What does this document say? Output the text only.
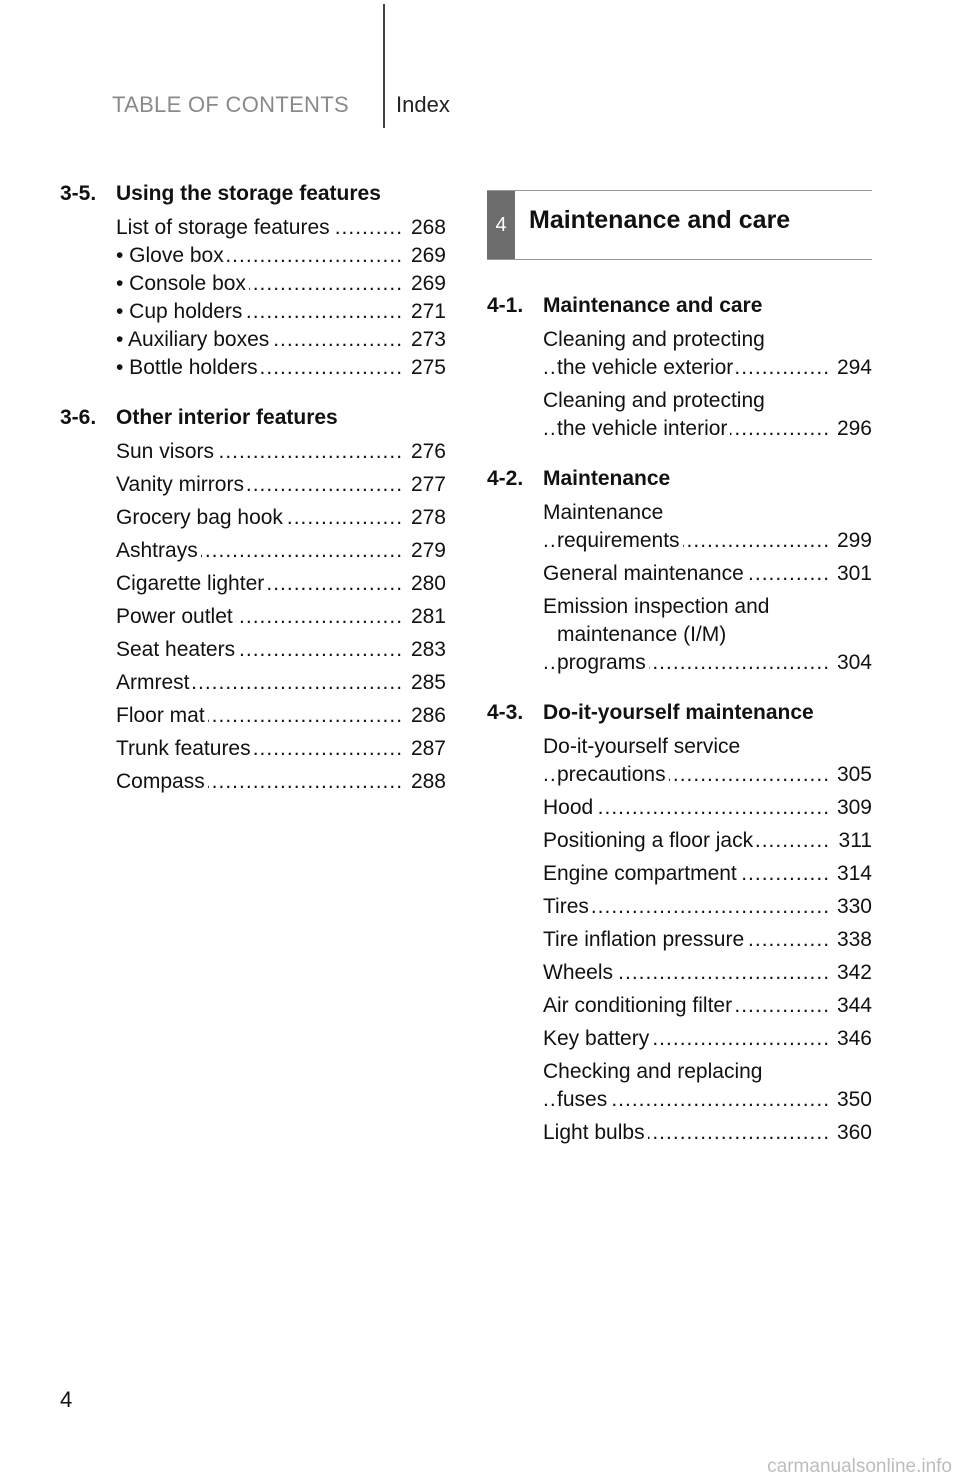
TABLE OF CONTENTS Index
3-5. Using the storage features
List of storage features .....	268
• Glove box .....	269
• Console box .....	269
• Cup holders .....	271
• Auxiliary boxes .....	273
• Bottle holders .....	275
3-6. Other interior features
Sun visors .....	276
Vanity mirrors .....	277
Grocery bag hook .....	278
Ashtrays .....	279
Cigarette lighter .....	280
Power outlet .....	281
Seat heaters .....	283
Armrest .....	285
Floor mat .....	286
Trunk features .....	287
Compass .....	288
4 Maintenance and care
4-1. Maintenance and care
Cleaning and protecting
the vehicle exterior .....	294
Cleaning and protecting
the vehicle interior .....	296
4-2. Maintenance
Maintenance
requirements .....	299
General maintenance .....	301
Emission inspection and
maintenance (I/M)
programs .....	304
4-3. Do-it-yourself maintenance
Do-it-yourself service
precautions .....	305
Hood .....	309
Positioning a floor jack .....	311
Engine compartment .....	314
Tires .....	330
Tire inflation pressure .....	338
Wheels .....	342
Air conditioning filter .....	344
Key battery .....	346
Checking and replacing
fuses .....	350
Light bulbs .....	360
4
carmanualsonline.info
